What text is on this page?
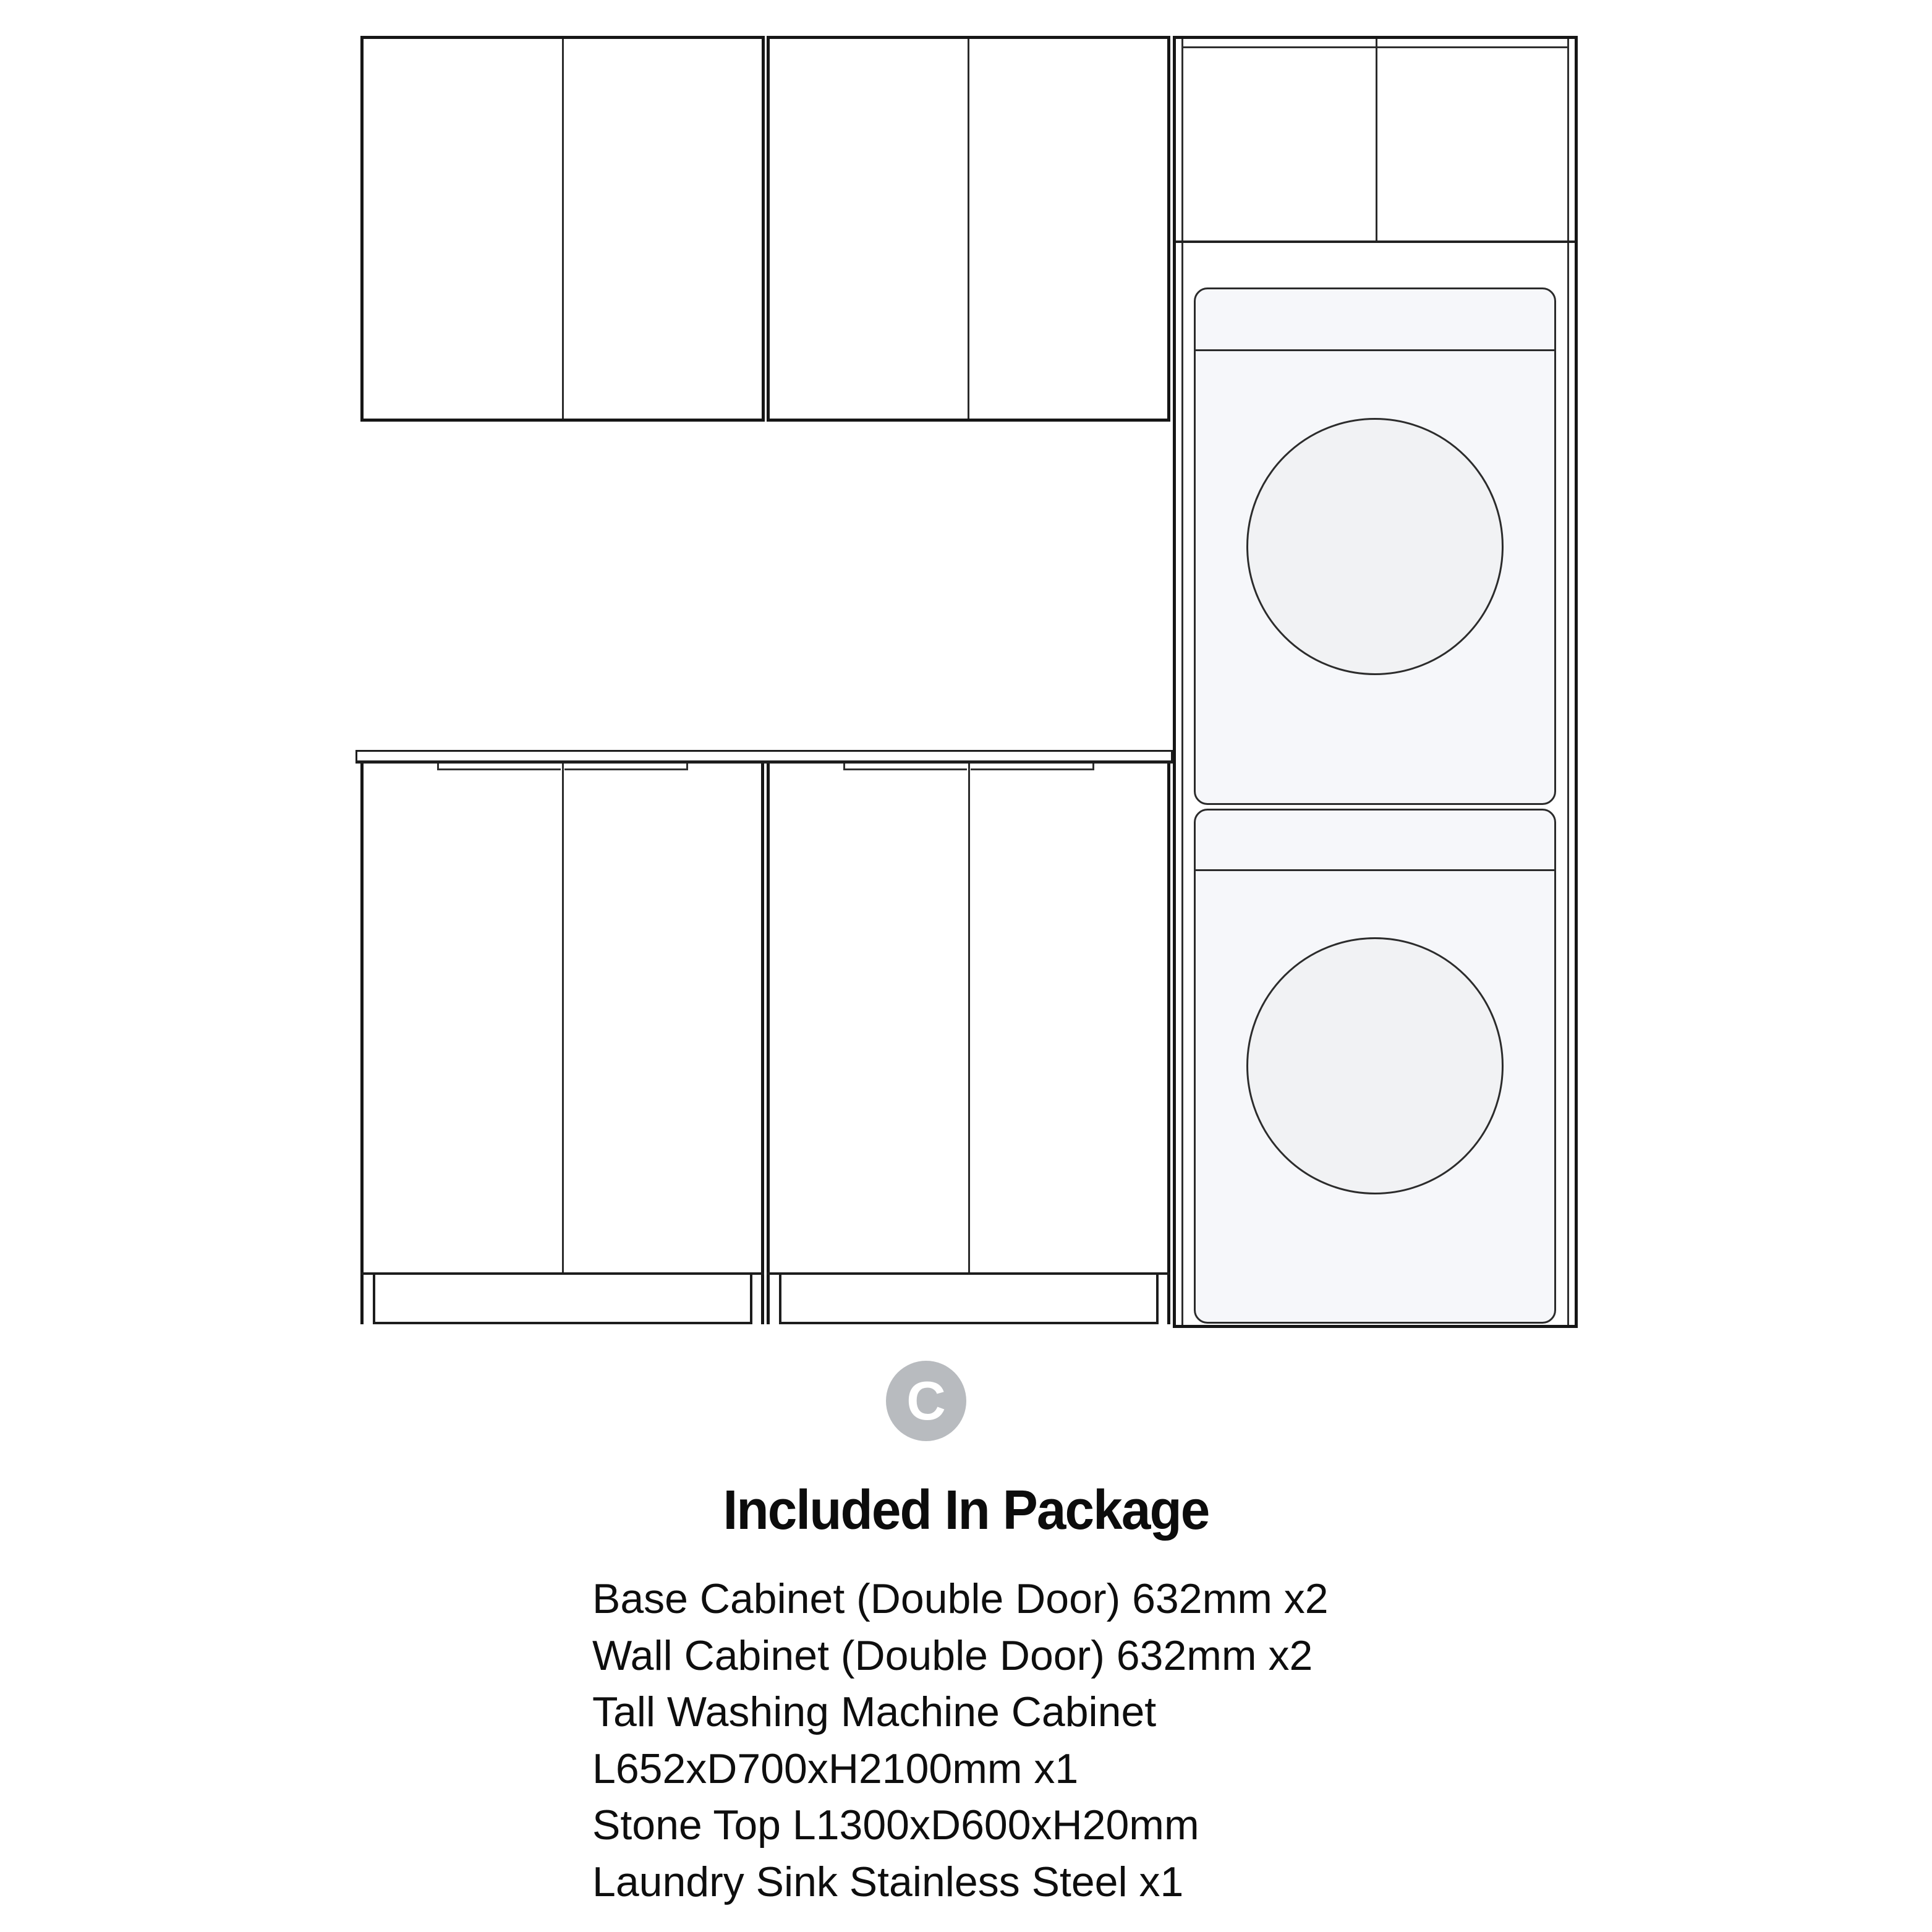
C
Included In Package
Base Cabinet (Double Door) 632mm x2
Wall Cabinet (Double Door) 632mm x2
Tall Washing Machine Cabinet
L652xD700xH2100mm x1
Stone Top L1300xD600xH20mm
Laundry Sink Stainless Steel x1
